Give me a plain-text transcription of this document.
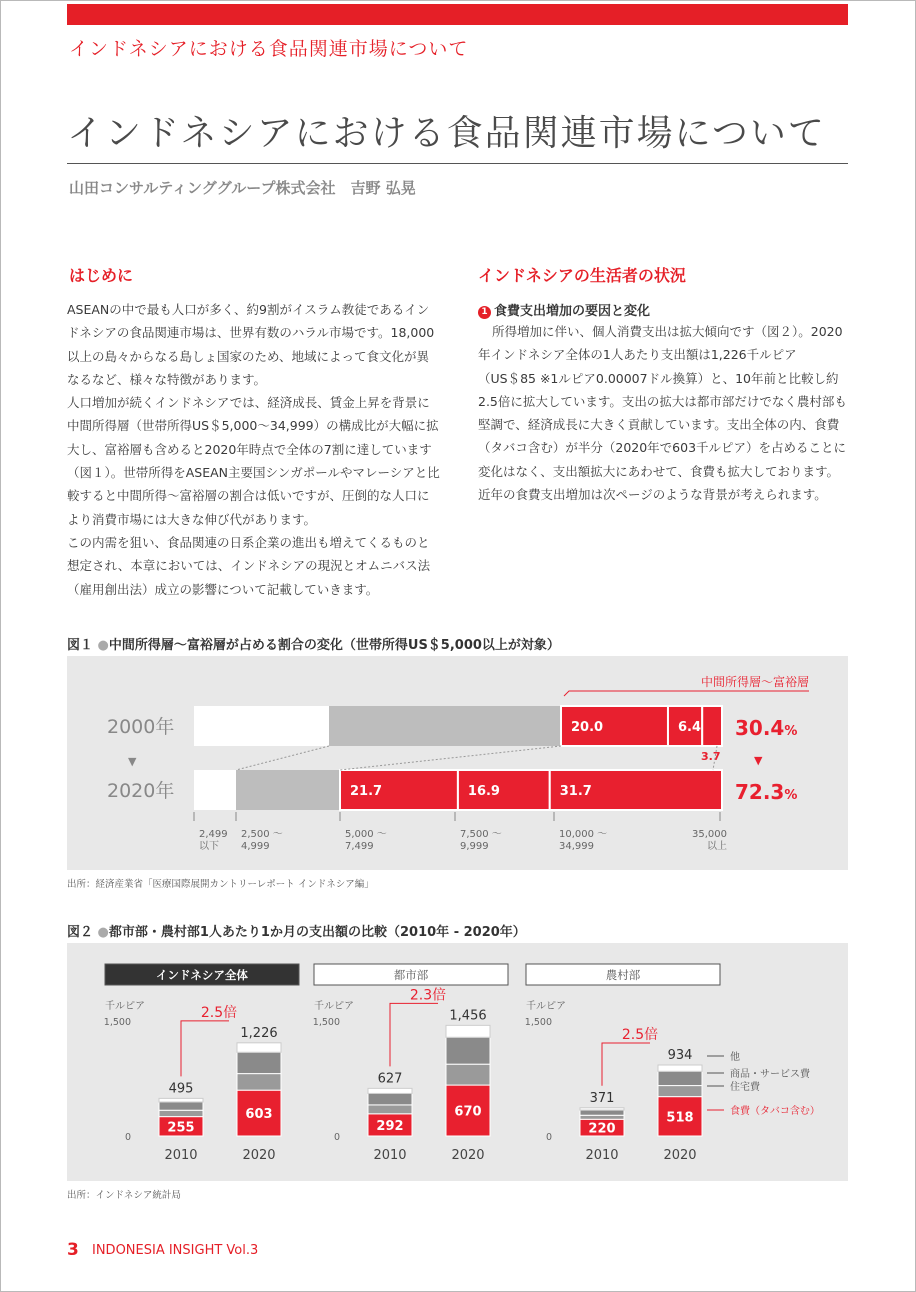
インドネシアにおける食品関連市場について
インドネシアにおける食品関連市場について
山田コンサルティンググループ株式会社　吉野 弘晃
はじめに

ASEANの中で最も人口が多く、約9割がイスラム教徒であるインドネシアの食品関連市場は、世界有数のハラル市場です。18,000以上の島々からなる島しょ国家のため、地域によって食文化が異なるなど、様々な特徴があります。

人口増加が続くインドネシアでは、経済成長、賃金上昇を背景に中間所得層（世帯所得US＄5,000〜34,999）の構成比が大幅に拡大し、富裕層も含めると2020年時点で全体の7割に達しています（図１）。世帯所得をASEAN主要国シンガポールやマレーシアと比較すると中間所得〜富裕層の割合は低いですが、圧倒的な人口により消費市場には大きな伸び代があります。

この内需を狙い、食品関連の日系企業の進出も増えてくるものと想定され、本章においては、インドネシアの現況とオムニバス法（雇用創出法）成立の影響について記載していきます。

インドネシアの生活者の状況
1 食費支出増加の要因と変化

所得増加に伴い、個人消費支出は拡大傾向です（図２）。2020年インドネシア全体の1人あたり支出額は1,226千ルピア（US＄85 ※1ルピア0.00007ドル換算）と、10年前と比較し約2.5倍に拡大しています。支出の拡大は都市部だけでなく農村部も堅調で、経済成長に大きく貢献しています。支出全体の内、食費（タバコ含む）が半分（2020年で603千ルピア）を占めることに変化はなく、支出額拡大にあわせて、食費も拡大しております。近年の食費支出増加は次ページのような背景が考えられます。

図１ ●中間所得層〜富裕層が占める割合の変化（世帯所得US＄5,000以上が対象）
20.0	6.4
21.7	16.9	31.7
3.7
2000年
2020年
▼
中間所得層〜富裕層
30.4%
72.3%
▼
2,499
以下
2,500 〜
4,999
5,000 〜
7,499
7,500 〜
9,999
10,000 〜
34,999
35,000
以上
出所：経済産業省「医療国際展開カントリーレポート インドネシア編」
図２ ●都市部・農村部1人あたり1か月の支出額の比較（2010年 - 2020年）
インドネシア全体
千ルピア
1,500
0
255
495
2010
603
1,226
2020
2.5倍
都市部
千ルピア
1,500
0
292
627
2010
670
1,456
2020
2.3倍
農村部
千ルピア
1,500
0
220
371
2010
518
934
2020
2.5倍
他
商品・サービス費
住宅費
食費（タバコ含む）
出所：インドネシア統計局
3 INDONESIA INSIGHT Vol.3
